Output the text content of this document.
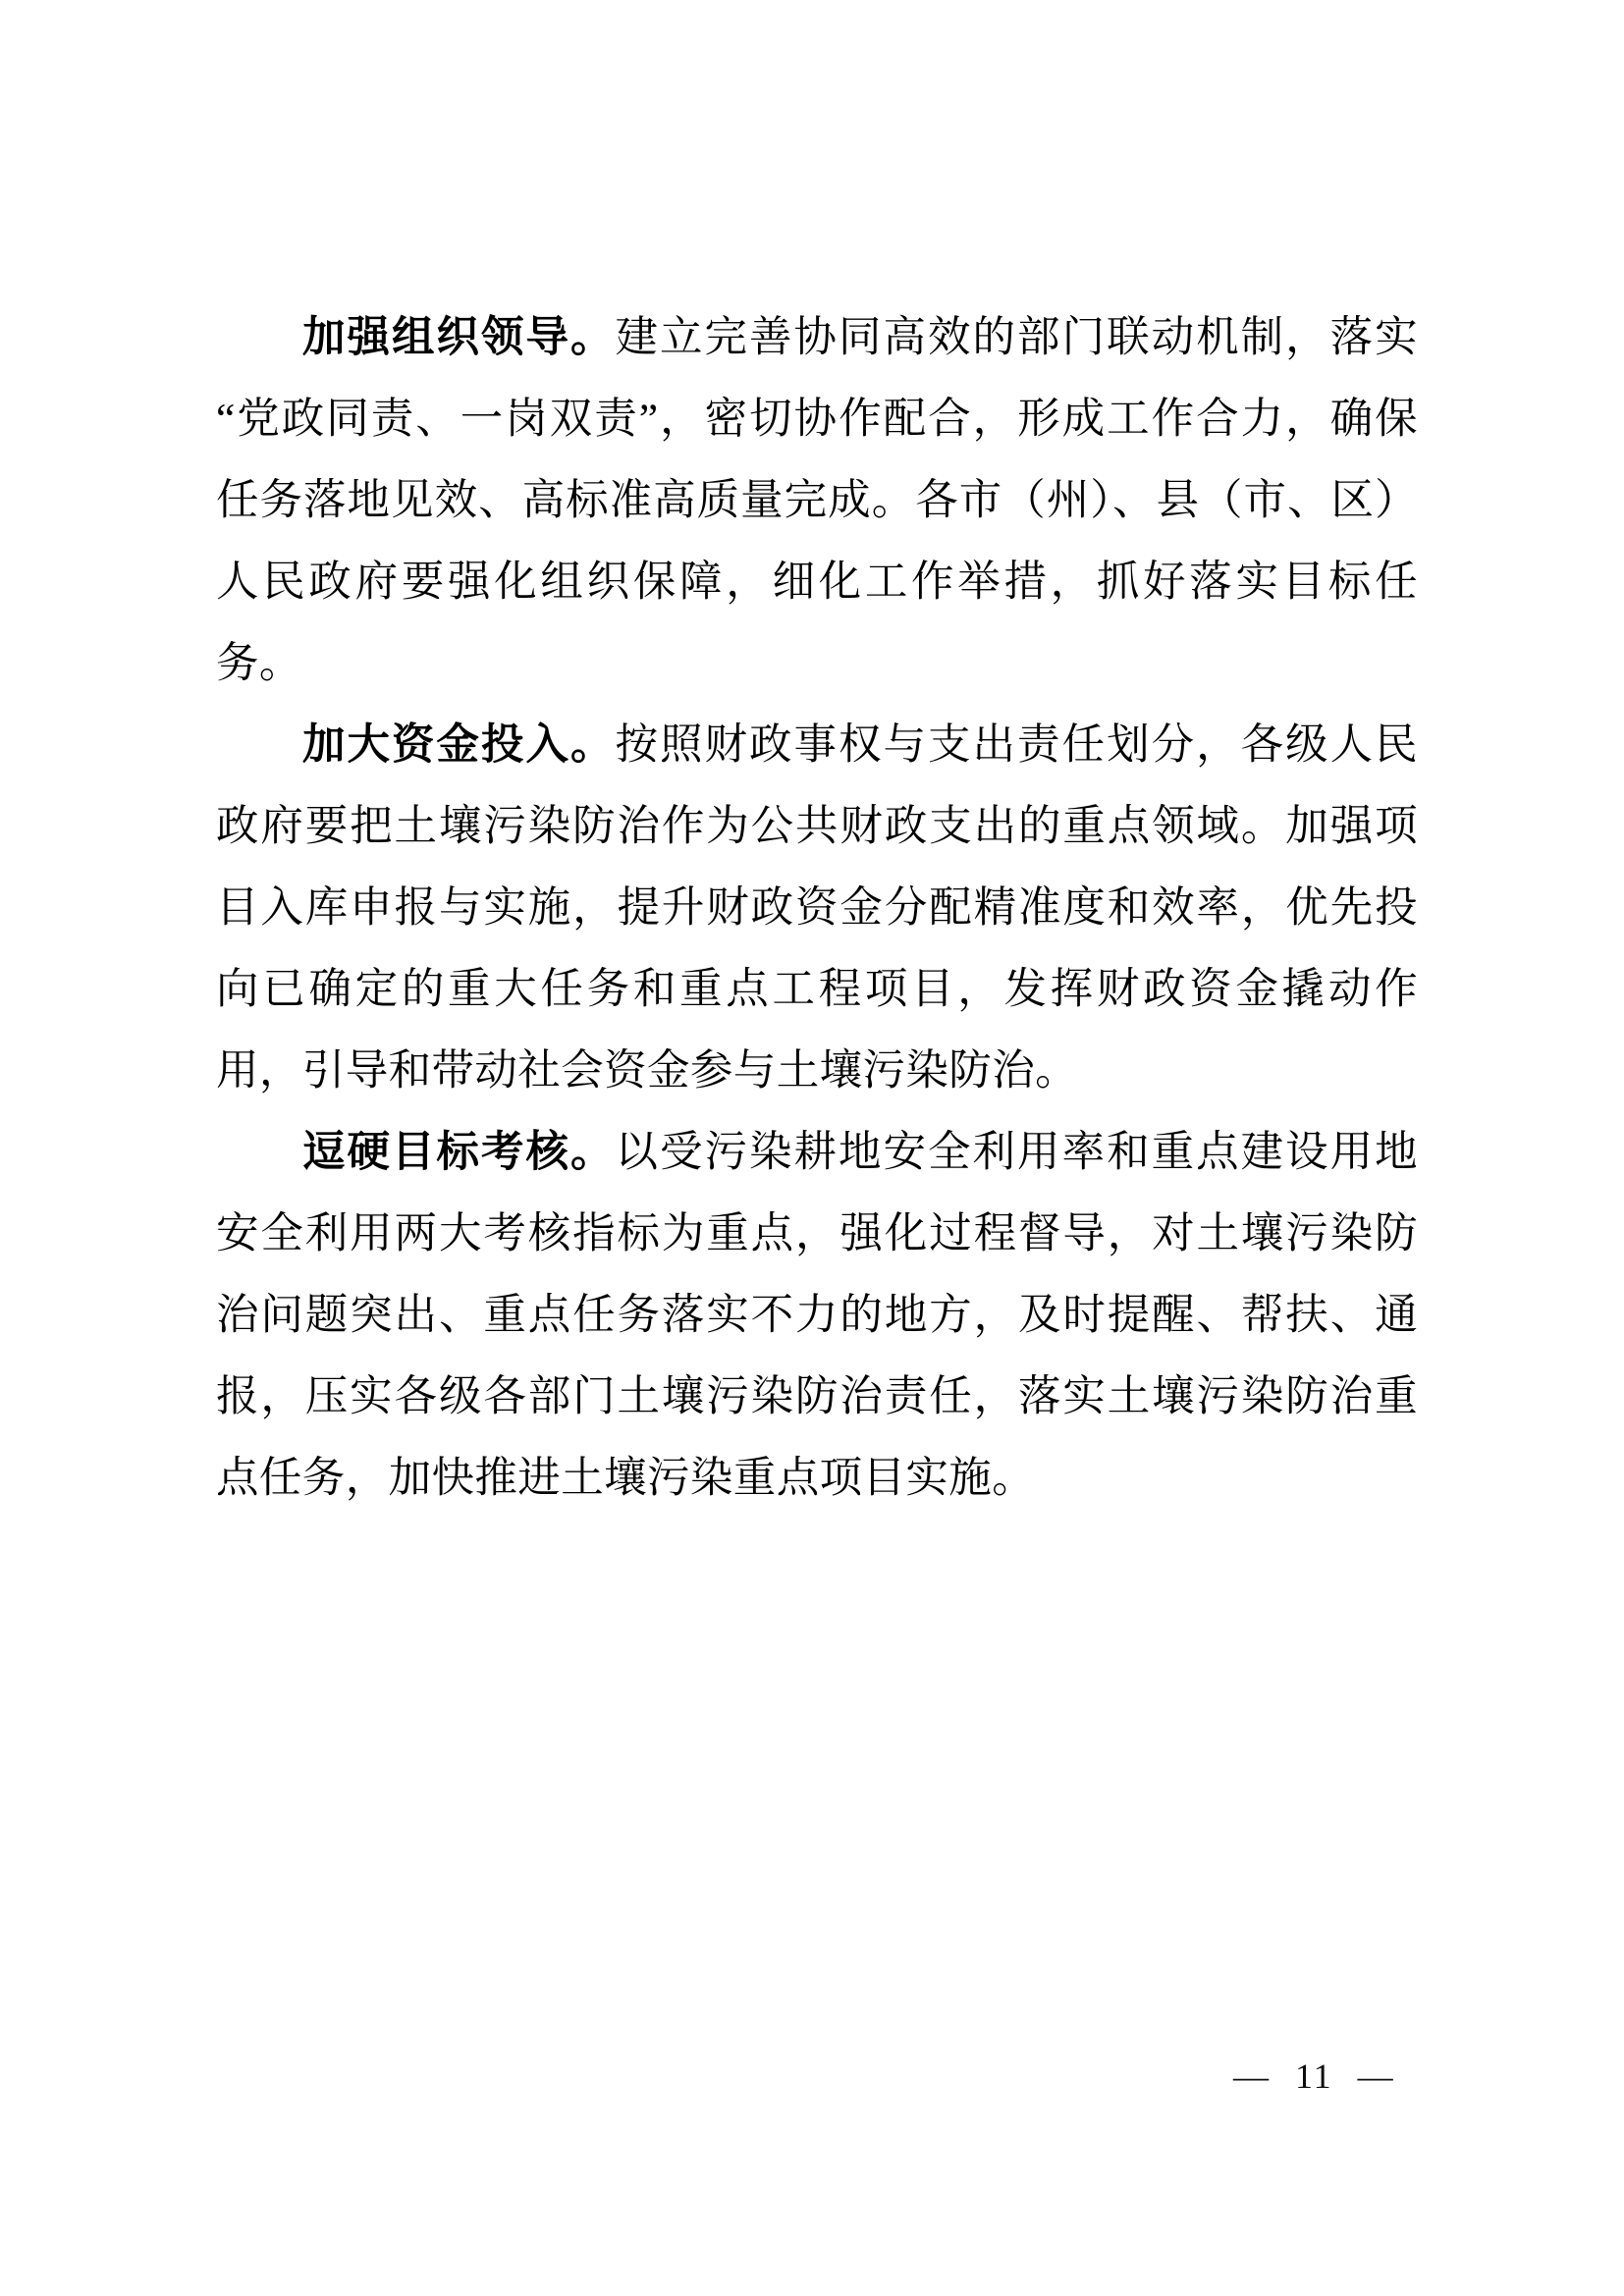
加强组织领导。建立完善协同高效的部门联动机制，落实“党政同责、一岗双责”，密切协作配合，形成工作合力，确保任务落地见效、高标准高质量完成。各市（州）、县（市、区）人民政府要强化组织保障，细化工作举措，抓好落实目标任务。

加大资金投入。按照财政事权与支出责任划分，各级人民政府要把土壤污染防治作为公共财政支出的重点领域。加强项目入库申报与实施，提升财政资金分配精准度和效率，优先投向已确定的重大任务和重点工程项目，发挥财政资金撬动作用，引导和带动社会资金参与土壤污染防治。

逗硬目标考核。以受污染耕地安全利用率和重点建设用地安全利用两大考核指标为重点，强化过程督导，对土壤污染防治问题突出、重点任务落实不力的地方，及时提醒、帮扶、通报，压实各级各部门土壤污染防治责任，落实土壤污染防治重点任务，加快推进土壤污染重点项目实施。

— 11 —
